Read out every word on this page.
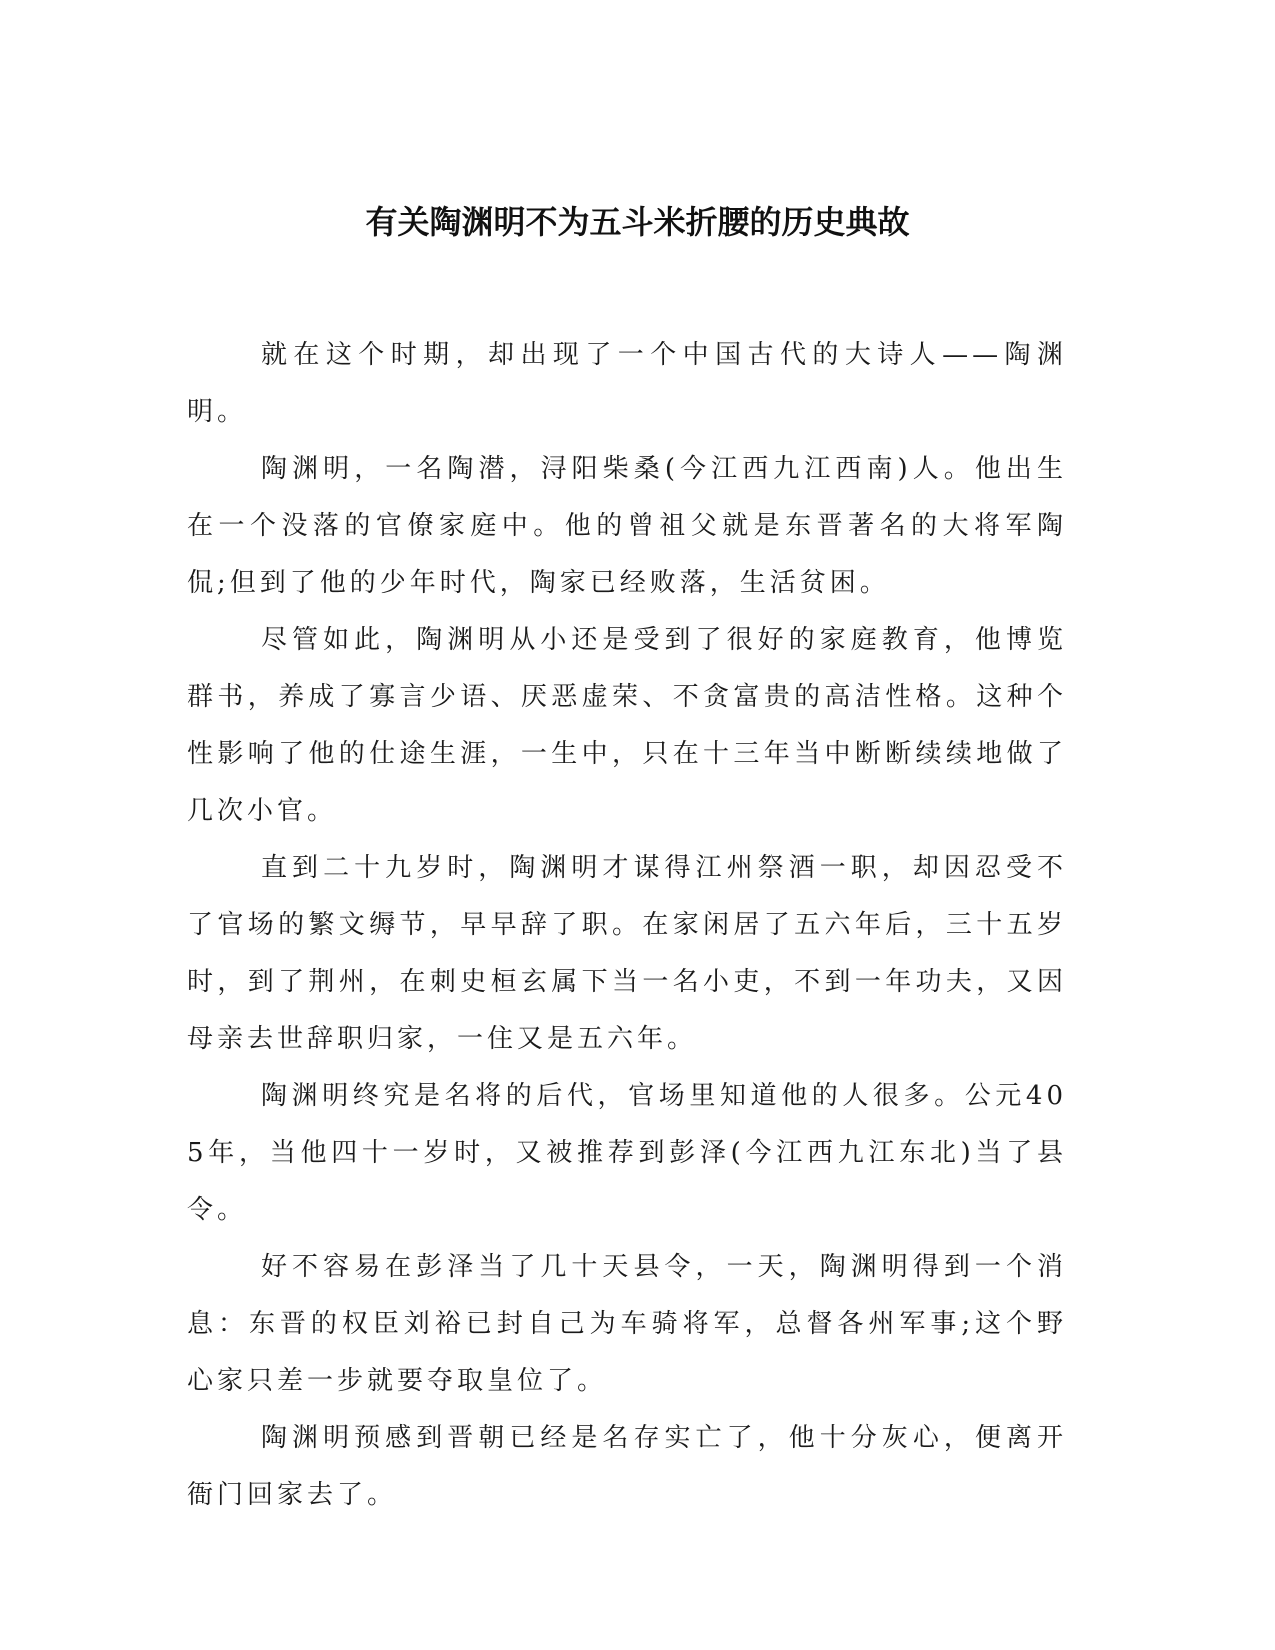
有关陶渊明不为五斗米折腰的历史典故

就在这个时期，却出现了一个中国古代的大诗人——陶渊明。

陶渊明，一名陶潜，浔阳柴桑(今江西九江西南)人。他出生在一个没落的官僚家庭中。他的曾祖父就是东晋著名的大将军陶侃;但到了他的少年时代，陶家已经败落，生活贫困。

尽管如此，陶渊明从小还是受到了很好的家庭教育，他博览群书，养成了寡言少语、厌恶虚荣、不贪富贵的高洁性格。这种个性影响了他的仕途生涯，一生中，只在十三年当中断断续续地做了几次小官。

直到二十九岁时，陶渊明才谋得江州祭酒一职，却因忍受不了官场的繁文缛节，早早辞了职。在家闲居了五六年后，三十五岁时，到了荆州，在刺史桓玄属下当一名小吏，不到一年功夫，又因母亲去世辞职归家，一住又是五六年。

陶渊明终究是名将的后代，官场里知道他的人很多。公元405年，当他四十一岁时，又被推荐到彭泽(今江西九江东北)当了县令。

好不容易在彭泽当了几十天县令，一天，陶渊明得到一个消息：东晋的权臣刘裕已封自己为车骑将军，总督各州军事;这个野心家只差一步就要夺取皇位了。

陶渊明预感到晋朝已经是名存实亡了，他十分灰心，便离开衙门回家去了。
